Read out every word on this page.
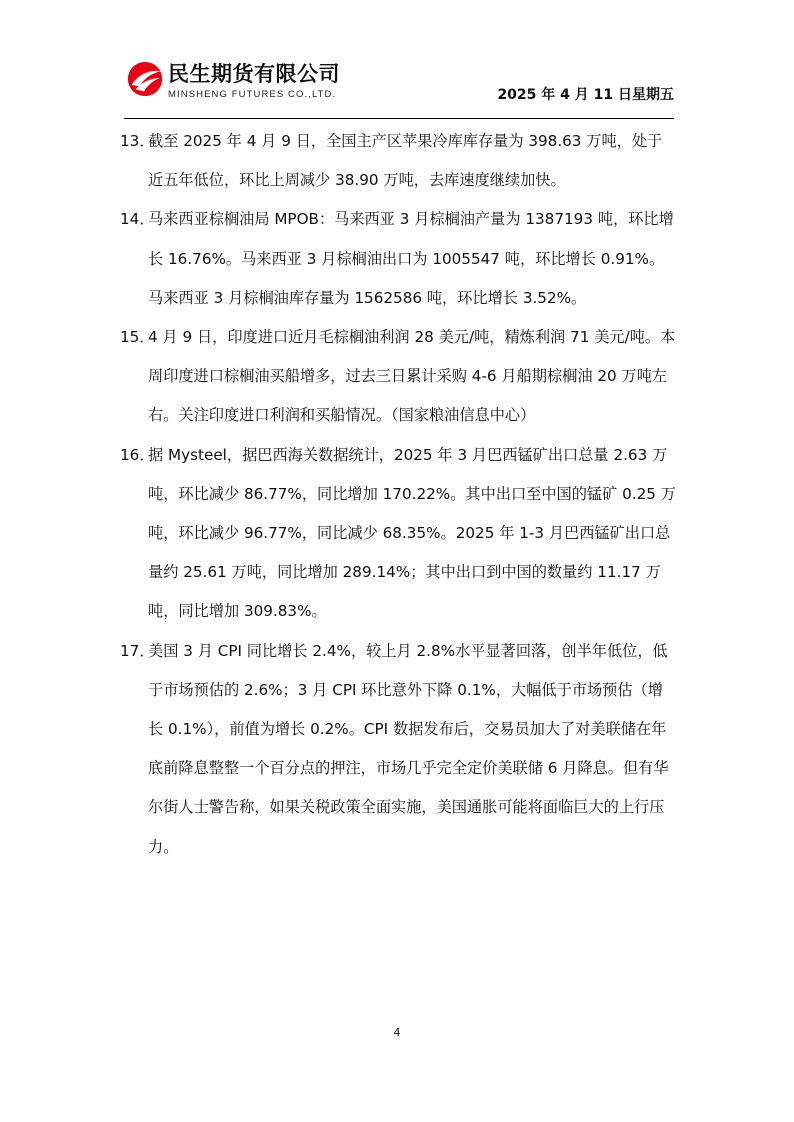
民生期货有限公司
MINSHENG FUTURES CO.,LTD.	2025 年 4 月 11 日星期五
13．
截至 2025 年 4 月 9 日，全国主产区苹果冷库库存量为 398.63 万吨，处于近五年低位，环比上周减少 38.90 万吨，去库速度继续加快。
14．
马来西亚棕榈油局 MPOB：马来西亚 3 月棕榈油产量为 1387193 吨，环比增长 16.76%。马来西亚 3 月棕榈油出口为 1005547 吨，环比增长 0.91%。马来西亚 3 月棕榈油库存量为 1562586 吨，环比增长 3.52%。
15．
4 月 9 日，印度进口近月毛棕榈油利润 28 美元/吨，精炼利润 71 美元/吨。本周印度进口棕榈油买船增多，过去三日累计采购 4-6 月船期棕榈油 20 万吨左右。关注印度进口利润和买船情况。（国家粮油信息中心）
16．
据 Mysteel，据巴西海关数据统计，2025 年 3 月巴西锰矿出口总量 2.63 万吨，环比减少 86.77%，同比增加 170.22%。其中出口至中国的锰矿 0.25 万吨，环比减少 96.77%，同比减少 68.35%。2025 年 1-3 月巴西锰矿出口总量约 25.61 万吨，同比增加 289.14%；其中出口到中国的数量约 11.17 万吨，同比增加 309.83%。
17．
美国 3 月 CPI 同比增长 2.4%，较上月 2.8%水平显著回落，创半年低位，低于市场预估的 2.6%；3 月 CPI 环比意外下降 0.1%，大幅低于市场预估（增长 0.1%），前值为增长 0.2%。CPI 数据发布后，交易员加大了对美联储在年底前降息整整一个百分点的押注，市场几乎完全定价美联储 6 月降息。但有华尔街人士警告称，如果关税政策全面实施，美国通胀可能将面临巨大的上行压力。
4
